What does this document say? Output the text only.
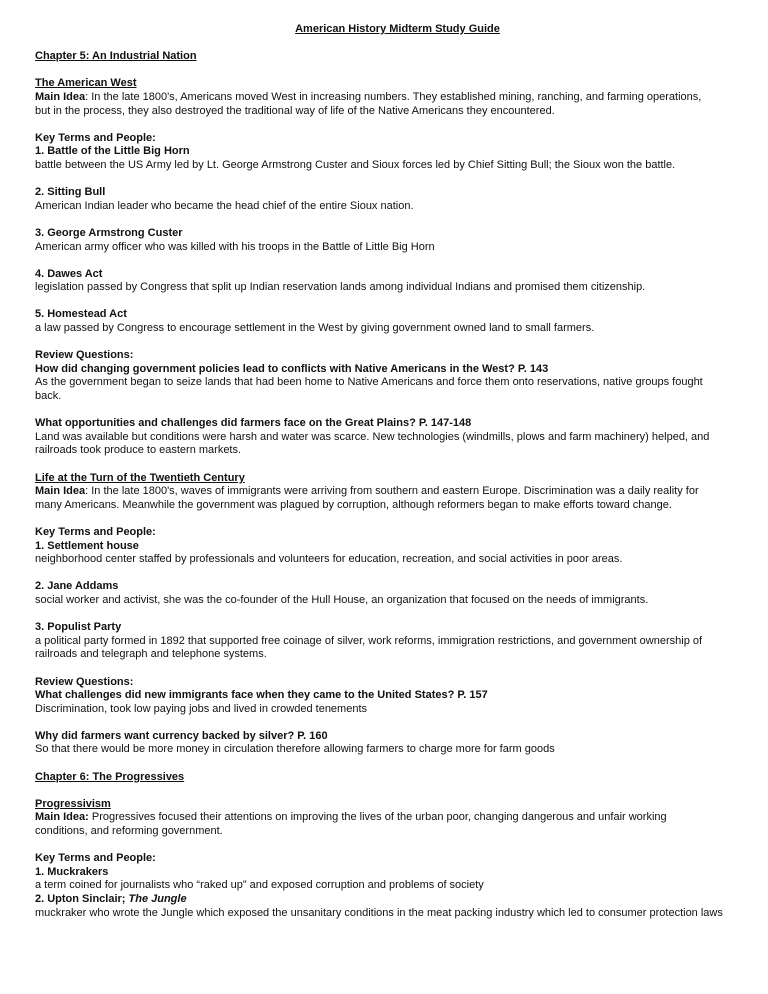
American History Midterm Study Guide
Chapter 5: An Industrial Nation
The American West
Main Idea: In the late 1800's, Americans moved West in increasing numbers. They established mining, ranching, and farming operations,
but in the process, they also destroyed the traditional way of life of the Native Americans they encountered.
Key Terms and People:
1. Battle of the Little Big Horn
battle between the US Army led by Lt. George Armstrong Custer and Sioux forces led by Chief Sitting Bull; the Sioux won the battle.
2. Sitting Bull
American Indian leader who became the head chief of the entire Sioux nation.
3. George Armstrong Custer
American army officer who was killed with his troops in the Battle of Little Big Horn
4. Dawes Act
legislation passed by Congress that split up Indian reservation lands among individual Indians and promised them citizenship.
5. Homestead Act
a law passed by Congress to encourage settlement in the West by giving government owned land to small farmers.
Review Questions:
How did changing government policies lead to conflicts with Native Americans in the West? P. 143
As the government began to seize lands that had been home to Native Americans and force them onto reservations, native groups fought
back.
What opportunities and challenges did farmers face on the Great Plains? P. 147-148
Land was available but conditions were harsh and water was scarce. New technologies (windmills, plows and farm machinery) helped, and
railroads took produce to eastern markets.
Life at the Turn of the Twentieth Century
Main Idea: In the late 1800's, waves of immigrants were arriving from southern and eastern Europe. Discrimination was a daily reality for
many Americans. Meanwhile the government was plagued by corruption, although reformers began to make efforts toward change.
Key Terms and People:
1. Settlement house
neighborhood center staffed by professionals and volunteers for education, recreation, and social activities in poor areas.
2. Jane Addams
social worker and activist, she was the co-founder of the Hull House, an organization that focused on the needs of immigrants.
3. Populist Party
a political party formed in 1892 that supported free coinage of silver, work reforms, immigration restrictions, and government ownership of
railroads and telegraph and telephone systems.
Review Questions:
What challenges did new immigrants face when they came to the United States? P. 157
Discrimination, took low paying jobs and lived in crowded tenements
Why did farmers want currency backed by silver? P. 160
So that there would be more money in circulation therefore allowing farmers to charge more for farm goods
Chapter 6: The Progressives
Progressivism
Main Idea: Progressives focused their attentions on improving the lives of the urban poor, changing dangerous and unfair working
conditions, and reforming government.
Key Terms and People:
1. Muckrakers
a term coined for journalists who “raked up” and exposed corruption and problems of society
2. Upton Sinclair; The Jungle
muckraker who wrote the Jungle which exposed the unsanitary conditions in the meat packing industry which led to consumer protection laws
